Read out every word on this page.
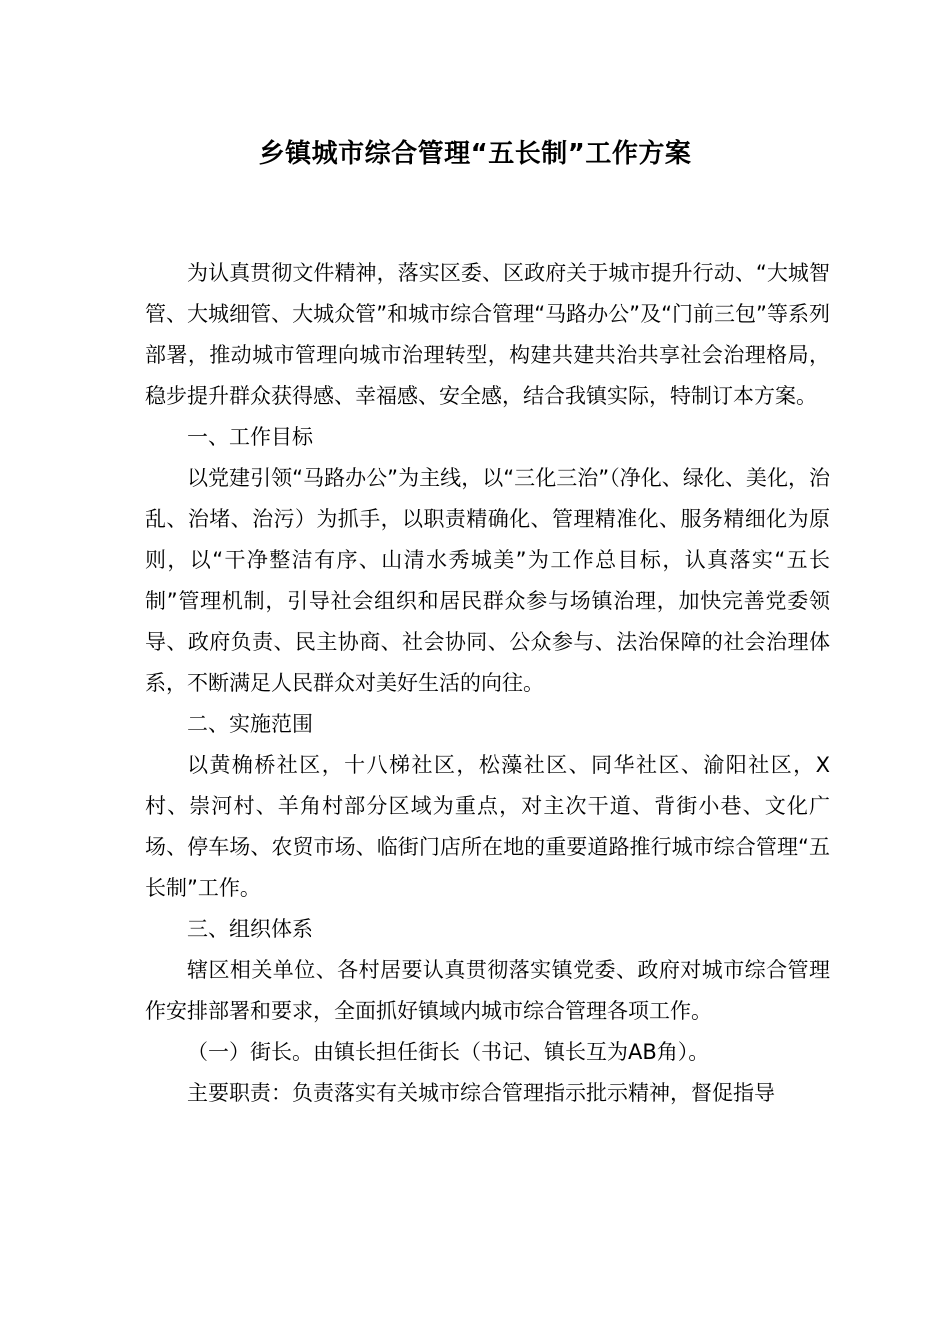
乡镇城市综合管理“五长制”工作方案

为认真贯彻文件精神，落实区委、区政府关于城市提升行动、“大城智管、大城细管、大城众管”和城市综合管理“马路办公”及“门前三包”等系列部署，推动城市管理向城市治理转型，构建共建共治共享社会治理格局，稳步提升群众获得感、幸福感、安全感，结合我镇实际，特制订本方案。

一、工作目标

以党建引领“马路办公”为主线，以“三化三治”（净化、绿化、美化，治乱、治堵、治污）为抓手，以职责精确化、管理精准化、服务精细化为原则，以“干净整洁有序、山清水秀城美”为工作总目标，认真落实“五长制”管理机制，引导社会组织和居民群众参与场镇治理，加快完善党委领导、政府负责、民主协商、社会协同、公众参与、法治保障的社会治理体系，不断满足人民群众对美好生活的向往。

二、实施范围

以黄桷桥社区，十八梯社区，松藻社区、同华社区、渝阳社区，X村、崇河村、羊角村部分区域为重点，对主次干道、背街小巷、文化广场、停车场、农贸市场、临街门店所在地的重要道路推行城市综合管理“五长制”工作。

三、组织体系

辖区相关单位、各村居要认真贯彻落实镇党委、政府对城市综合管理作安排部署和要求，全面抓好镇域内城市综合管理各项工作。

（一）街长。由镇长担任街长（书记、镇长互为AB角）。

主要职责：负责落实有关城市综合管理指示批示精神，督促指导
